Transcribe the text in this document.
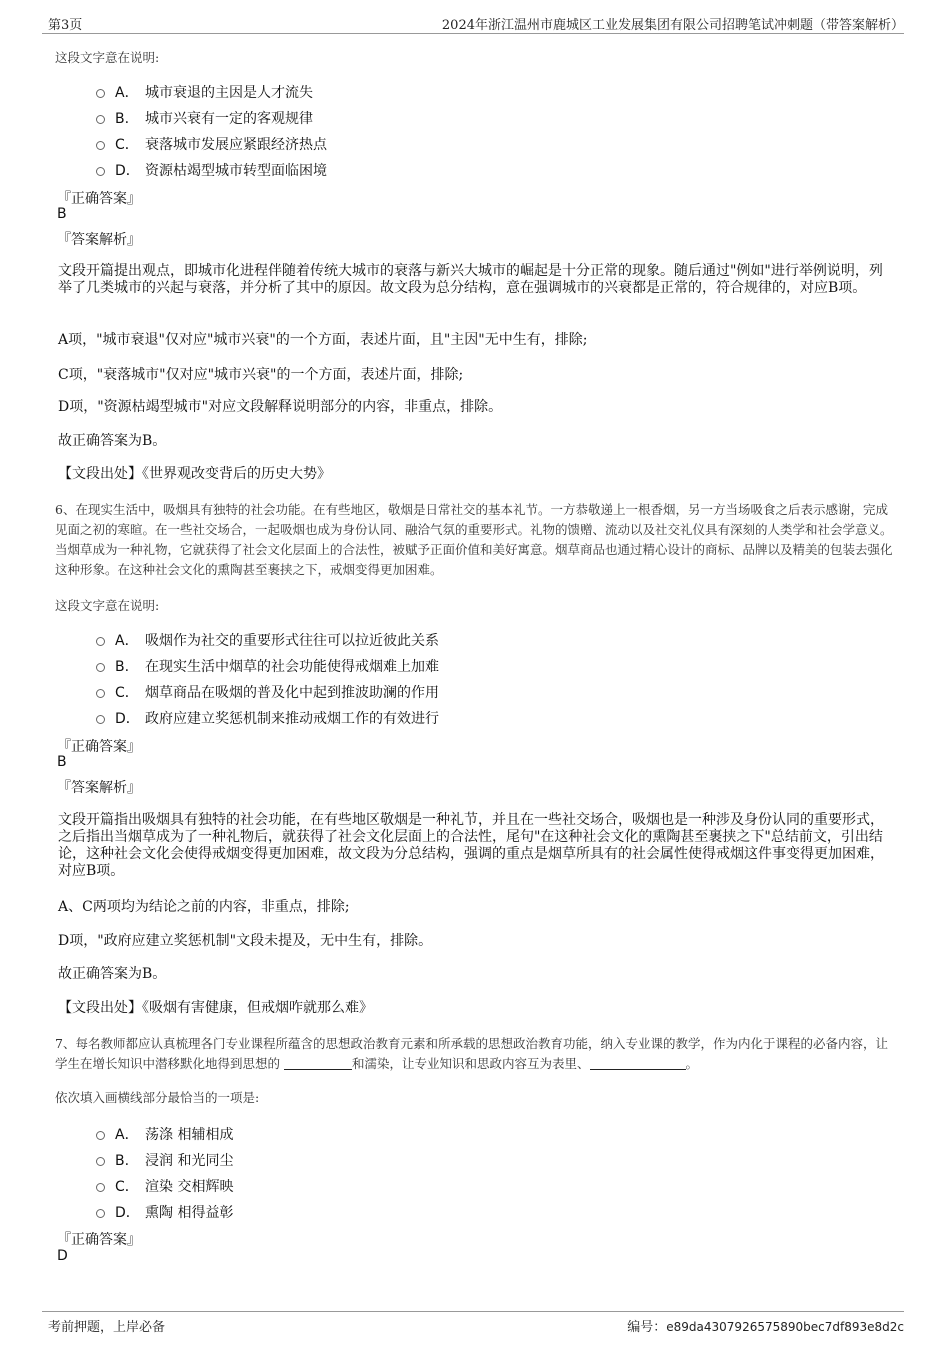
第3页	2024年浙江温州市鹿城区工业发展集团有限公司招聘笔试冲刺题（带答案解析）
这段文字意在说明:
A． 城市衰退的主因是人才流失
B. 城市兴衰有一定的客观规律
C． 衰落城市发展应紧跟经济热点
D． 资源枯竭型城市转型面临困境
『正确答案』
B
『答案解析』
文段开篇提出观点，即城市化进程伴随着传统大城市的衰落与新兴大城市的崛起是十分正常的现象。随后通过"例如"进行举例说明，列举了几类城市的兴起与衰落，并分析了其中的原因。故文段为总分结构，意在强调城市的兴衰都是正常的，符合规律的，对应B项。
A项，"城市衰退"仅对应"城市兴衰"的一个方面，表述片面，且"主因"无中生有，排除;
C项，"衰落城市"仅对应"城市兴衰"的一个方面，表述片面，排除;
D项，"资源枯竭型城市"对应文段解释说明部分的内容，非重点，排除。
故正确答案为B。
【文段出处】《世界观改变背后的历史大势》
6、在现实生活中，吸烟具有独特的社会功能。在有些地区，敬烟是日常社交的基本礼节。一方恭敬递上一根香烟，另一方当场吸食之后表示感谢，完成见面之初的寒暄。在一些社交场合，一起吸烟也成为身份认同、融洽气氛的重要形式。礼物的馈赠、流动以及社交礼仪具有深刻的人类学和社会学意义。当烟草成为一种礼物，它就获得了社会文化层面上的合法性，被赋予正面价值和美好寓意。烟草商品也通过精心设计的商标、品牌以及精美的包装去强化这种形象。在这种社会文化的熏陶甚至裹挟之下，戒烟变得更加困难。
这段文字意在说明:
A． 吸烟作为社交的重要形式往往可以拉近彼此关系
B. 在现实生活中烟草的社会功能使得戒烟难上加难
C． 烟草商品在吸烟的普及化中起到推波助澜的作用
D． 政府应建立奖惩机制来推动戒烟工作的有效进行
『正确答案』
B
『答案解析』
文段开篇指出吸烟具有独特的社会功能，在有些地区敬烟是一种礼节，并且在一些社交场合，吸烟也是一种涉及身份认同的重要形式，之后指出当烟草成为了一种礼物后，就获得了社会文化层面上的合法性，尾句"在这种社会文化的熏陶甚至裹挟之下"总结前文，引出结论，这种社会文化会使得戒烟变得更加困难，故文段为分总结构，强调的重点是烟草所具有的社会属性使得戒烟这件事变得更加困难，对应B项。
A、C两项均为结论之前的内容，非重点，排除;
D项，"政府应建立奖惩机制"文段未提及，无中生有，排除。
故正确答案为B。
【文段出处】《吸烟有害健康，但戒烟咋就那么难》
7、每名教师都应认真梳理各门专业课程所蕴含的思想政治教育元素和所承载的思想政治教育功能，纳入专业课的教学，作为内化于课程的必备内容，让学生在增长知识中潜移默化地得到思想的	和濡染，让专业知识和思政内容互为表里、	。
依次填入画横线部分最恰当的一项是:
A． 荡涤 相辅相成
B. 浸润 和光同尘
C． 渲染 交相辉映
D． 熏陶 相得益彰
『正确答案』
D
考前押题，上岸必备	编号：e89da4307926575890bec7df893e8d2c
